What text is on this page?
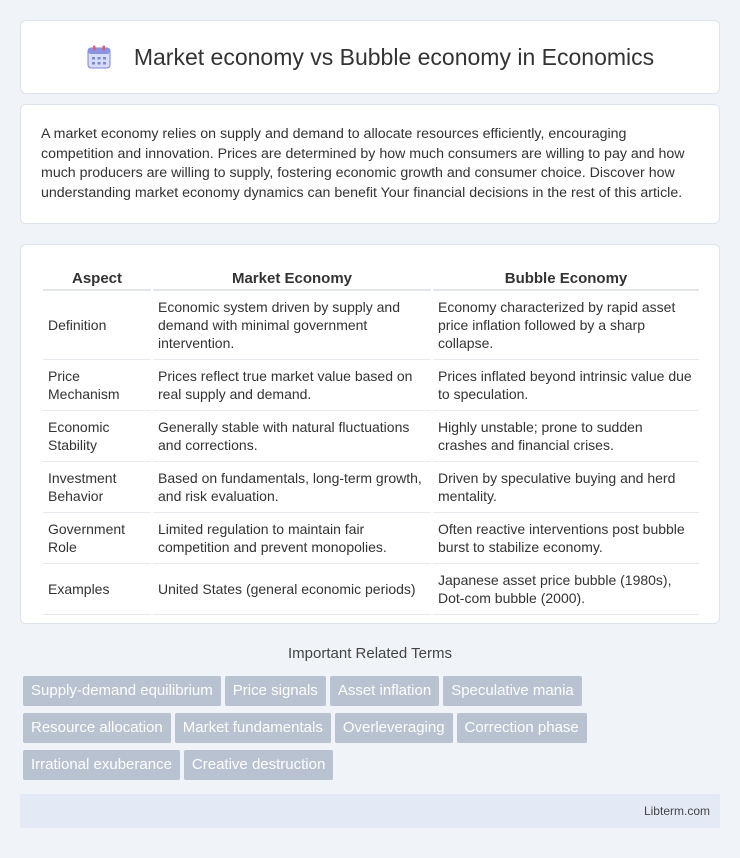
Market economy vs Bubble economy in Economics

A market economy relies on supply and demand to allocate resources efficiently, encouraging competition and innovation. Prices are determined by how much consumers are willing to pay and how much producers are willing to supply, fostering economic growth and consumer choice. Discover how understanding market economy dynamics can benefit Your financial decisions in the rest of this article.

Aspect	Market Economy	Bubble Economy
Definition	Economic system driven by supply and demand with minimal government intervention.	Economy characterized by rapid asset price inflation followed by a sharp collapse.
Price Mechanism	Prices reflect true market value based on real supply and demand.	Prices inflated beyond intrinsic value due to speculation.
Economic Stability	Generally stable with natural fluctuations and corrections.	Highly unstable; prone to sudden crashes and financial crises.
Investment Behavior	Based on fundamentals, long-term growth, and risk evaluation.	Driven by speculative buying and herd mentality.
Government Role	Limited regulation to maintain fair competition and prevent monopolies.	Often reactive interventions post bubble burst to stabilize economy.
Examples	United States (general economic periods)	Japanese asset price bubble (1980s), Dot-com bubble (2000).
Important Related Terms
Supply-demand equilibrium Price signals Asset inflation Speculative mania
Resource allocation Market fundamentals Overleveraging Correction phase
Irrational exuberance Creative destruction
Libterm.com
